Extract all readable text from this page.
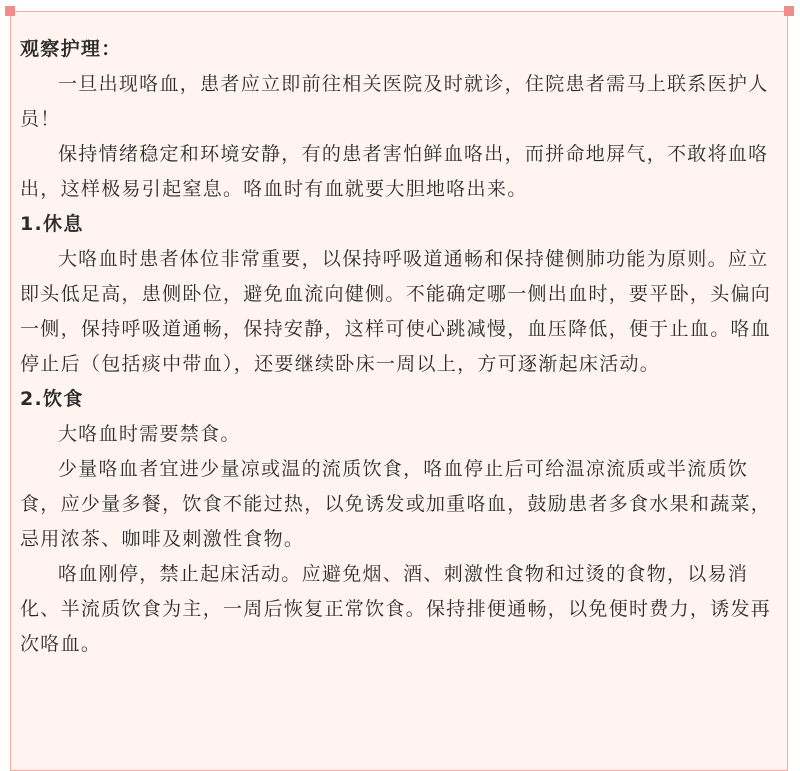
观察护理：

一旦出现咯血，患者应立即前往相关医院及时就诊，住院患者需马上联系医护人员！

保持情绪稳定和环境安静，有的患者害怕鲜血咯出，而拼命地屏气，不敢将血咯出，这样极易引起窒息。咯血时有血就要大胆地咯出来。

1.休息

大咯血时患者体位非常重要，以保持呼吸道通畅和保持健侧肺功能为原则。应立即头低足高，患侧卧位，避免血流向健侧。不能确定哪一侧出血时，要平卧，头偏向一侧，保持呼吸道通畅，保持安静，这样可使心跳减慢，血压降低，便于止血。咯血停止后（包括痰中带血），还要继续卧床一周以上，方可逐渐起床活动。

2.饮食

大咯血时需要禁食。

少量咯血者宜进少量凉或温的流质饮食，咯血停止后可给温凉流质或半流质饮食，应少量多餐，饮食不能过热，以免诱发或加重咯血，鼓励患者多食水果和蔬菜，忌用浓茶、咖啡及刺激性食物。

咯血刚停，禁止起床活动。应避免烟、酒、刺激性食物和过烫的食物，以易消化、半流质饮食为主，一周后恢复正常饮食。保持排便通畅，以免便时费力，诱发再次咯血。
